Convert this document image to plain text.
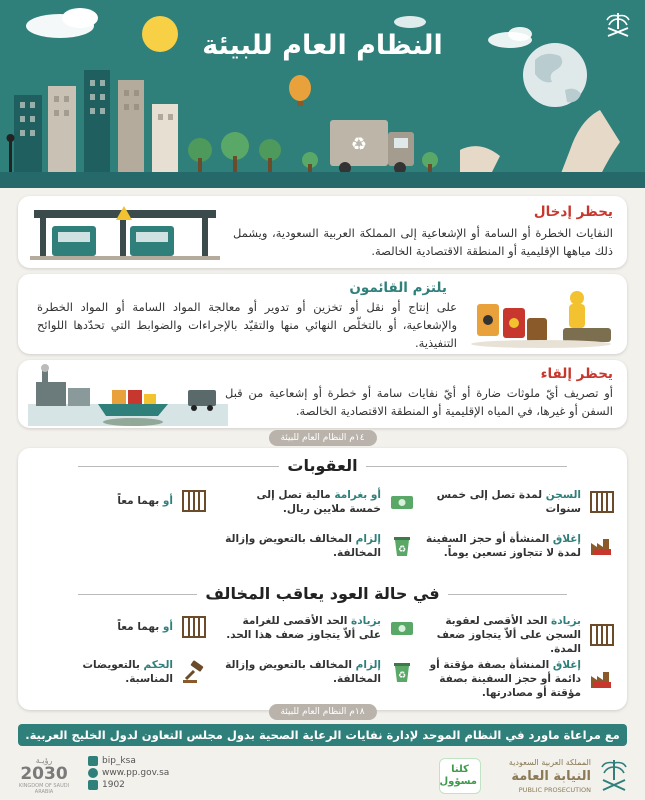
♻
النظام العام للبيئة
يحظر إدخال
النفايات الخطرة أو السامة أو الإشعاعية إلى المملكة العربية السعودية، ويشمل ذلك مياهها الإقليمية أو المنطقة الاقتصادية الخالصة.
يلتزم القائمون
على إنتاج أو نقل أو تخزين أو تدوير أو معالجة المواد السامة أو المواد الخطرة والإشعاعية، أو بالتخلّص النهائي منها والتقيّد بالإجراءات والضوابط التي تحدّدها اللوائح التنفيذية.
يحظر إلقاء
أو تصريف أيّ ملوثات ضارة أو أيّ نفايات سامة أو خطرة أو إشعاعية من قبل السفن أو غيرها، في المياه الإقليمية أو المنطقة الاقتصادية الخالصة.
١٤م النظام العام للبيئة
العقوبات
السجن لمدة تصل إلى خمس سنوات
أو بغرامة مالية تصل إلى خمسة ملايين ريال.
أو بهما معاً
إغلاق المنشأة أو حجز السفينة لمدة لا تتجاوز تسعين يوماً.
♻
إلزام المخالف بالتعويض وإزالة المخالفة.
في حالة العود يعاقب المخالف
بزيادة الحد الأقصى لعقوبة السجن على ألاّ يتجاوز ضعف المدة.
بزيادة الحد الأقصى للغرامة على ألاّ يتجاوز ضعف هذا الحد.
أو بهما معاً
إغلاق المنشأة بصفة مؤقتة أو دائمة أو حجز السفينة بصفة مؤقتة أو مصادرتها.
♻
إلزام المخالف بالتعويض وإزالة المخالفة.
الحكم بالتعويضات المناسبة.
١٨م النظام العام للبيئة
مع مراعاة ماورد في النظام الموحد لإدارة نفايات الرعاية الصحية بدول مجلس التعاون لدول الخليج العربية.
المملكة العربية السعودية
النيابة العامة
PUBLIC PROSECUTION
كلنا مسؤول
bip_ksa
www.pp.gov.sa
1902
رؤيـة
2030
KINGDOM OF SAUDI ARABIA
